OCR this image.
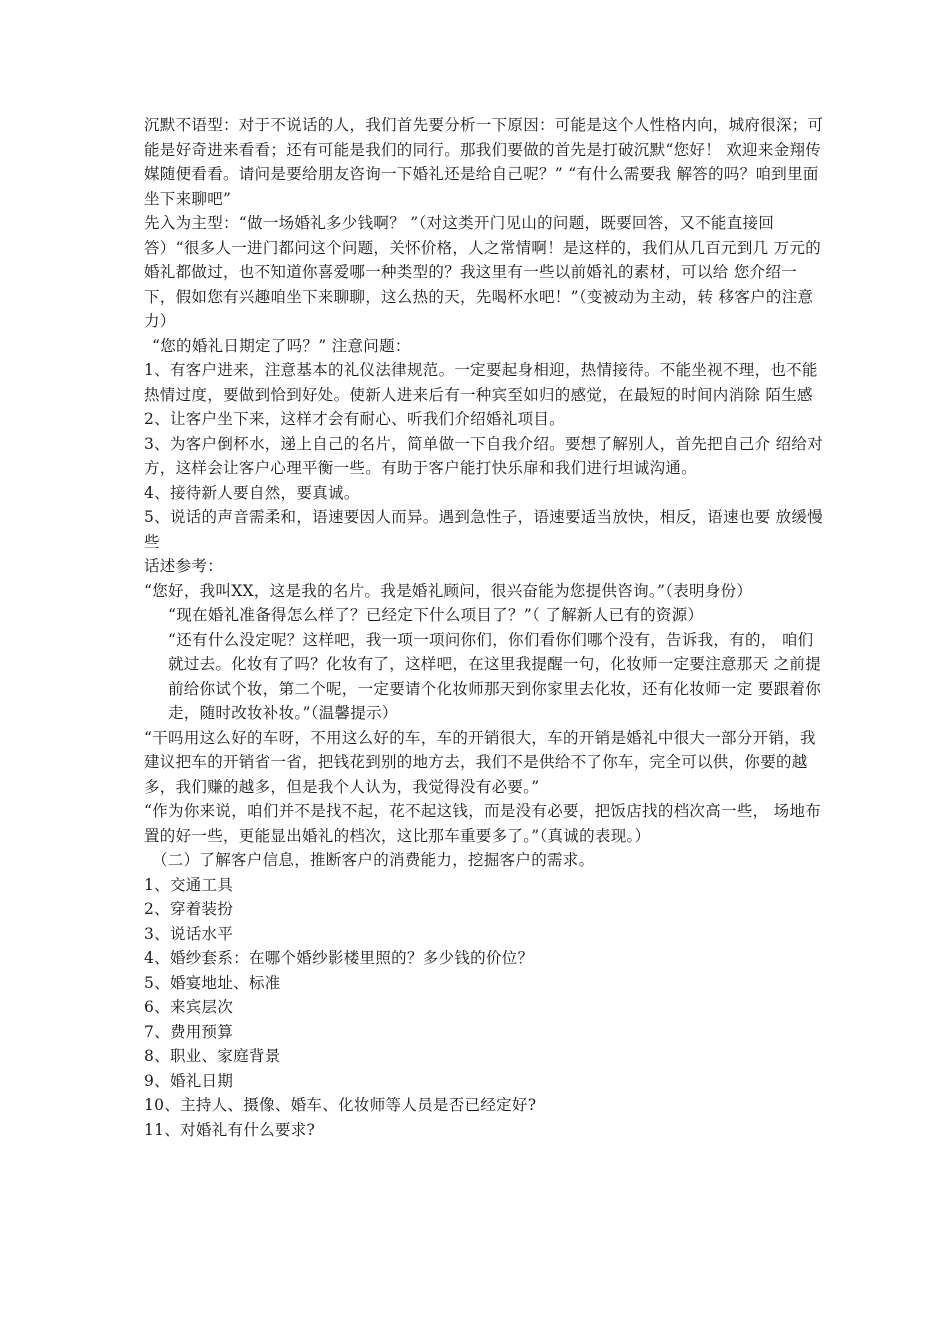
沉默不语型：对于不说话的人，我们首先要分析一下原因：可能是这个人性格内向，城府很深；可能是好奇进来看看；还有可能是我们的同行。那我们要做的首先是打破沉默“您好！ 欢迎来金翔传媒随便看看。请问是要给朋友咨询一下婚礼还是给自己呢？” “有什么需要我 解答的吗？咱到里面坐下来聊吧”

先入为主型：“做一场婚礼多少钱啊？ ”（对这类开门见山的问题，既要回答，又不能直接回答）“很多人一进门都问这个问题，关怀价格，人之常情啊！是这样的，我们从几百元到几 万元的婚礼都做过，也不知道你喜爱哪一种类型的？我这里有一些以前婚礼的素材，可以给 您介绍一下，假如您有兴趣咱坐下来聊聊，这么热的天，先喝杯水吧！”（变被动为主动，转 移客户的注意力）

“您的婚礼日期定了吗？” 注意问题：

1、有客户进来，注意基本的礼仪法律规范。一定要起身相迎，热情接待。不能坐视不理，也不能热情过度，要做到恰到好处。使新人进来后有一种宾至如归的感觉，在最短的时间内消除 陌生感

2、让客户坐下来，这样才会有耐心、听我们介绍婚礼项目。

3、为客户倒杯水，递上自己的名片，简单做一下自我介绍。要想了解别人，首先把自己介 绍给对方，这样会让客户心理平衡一些。有助于客户能打快乐扉和我们进行坦诚沟通。

4、接待新人要自然，要真诚。

5、说话的声音需柔和，语速要因人而异。遇到急性子，语速要适当放快，相反，语速也要 放缓慢些

话述参考：

“您好，我叫XX，这是我的名片。我是婚礼顾问，很兴奋能为您提供咨询。”（表明身份）

“现在婚礼准备得怎么样了？已经定下什么项目了？”（ 了解新人已有的资源）

“还有什么没定呢？这样吧，我一项一项问你们，你们看你们哪个没有，告诉我，有的， 咱们就过去。化妆有了吗？化妆有了，这样吧，在这里我提醒一句，化妆师一定要注意那天 之前提前给你试个妆，第二个呢，一定要请个化妆师那天到你家里去化妆，还有化妆师一定 要跟着你走，随时改妆补妆。”（温馨提示）

“干吗用这么好的车呀，不用这么好的车，车的开销很大，车的开销是婚礼中很大一部分开销，我建议把车的开销省一省，把钱花到别的地方去，我们不是供给不了你车，完全可以供，你要的越多，我们赚的越多，但是我个人认为，我觉得没有必要。”

“作为你来说，咱们并不是找不起，花不起这钱，而是没有必要，把饭店找的档次高一些， 场地布置的好一些，更能显出婚礼的档次，这比那车重要多了。”（真诚的表现。）

（二）了解客户信息，推断客户的消费能力，挖掘客户的需求。

1、交通工具

2、穿着装扮

3、说话水平

4、婚纱套系：在哪个婚纱影楼里照的？多少钱的价位？

5、婚宴地址、标准

6、来宾层次

7、费用预算

8、职业、家庭背景

9、婚礼日期

10、主持人、摄像、婚车、化妆师等人员是否已经定好?

11、对婚礼有什么要求?
